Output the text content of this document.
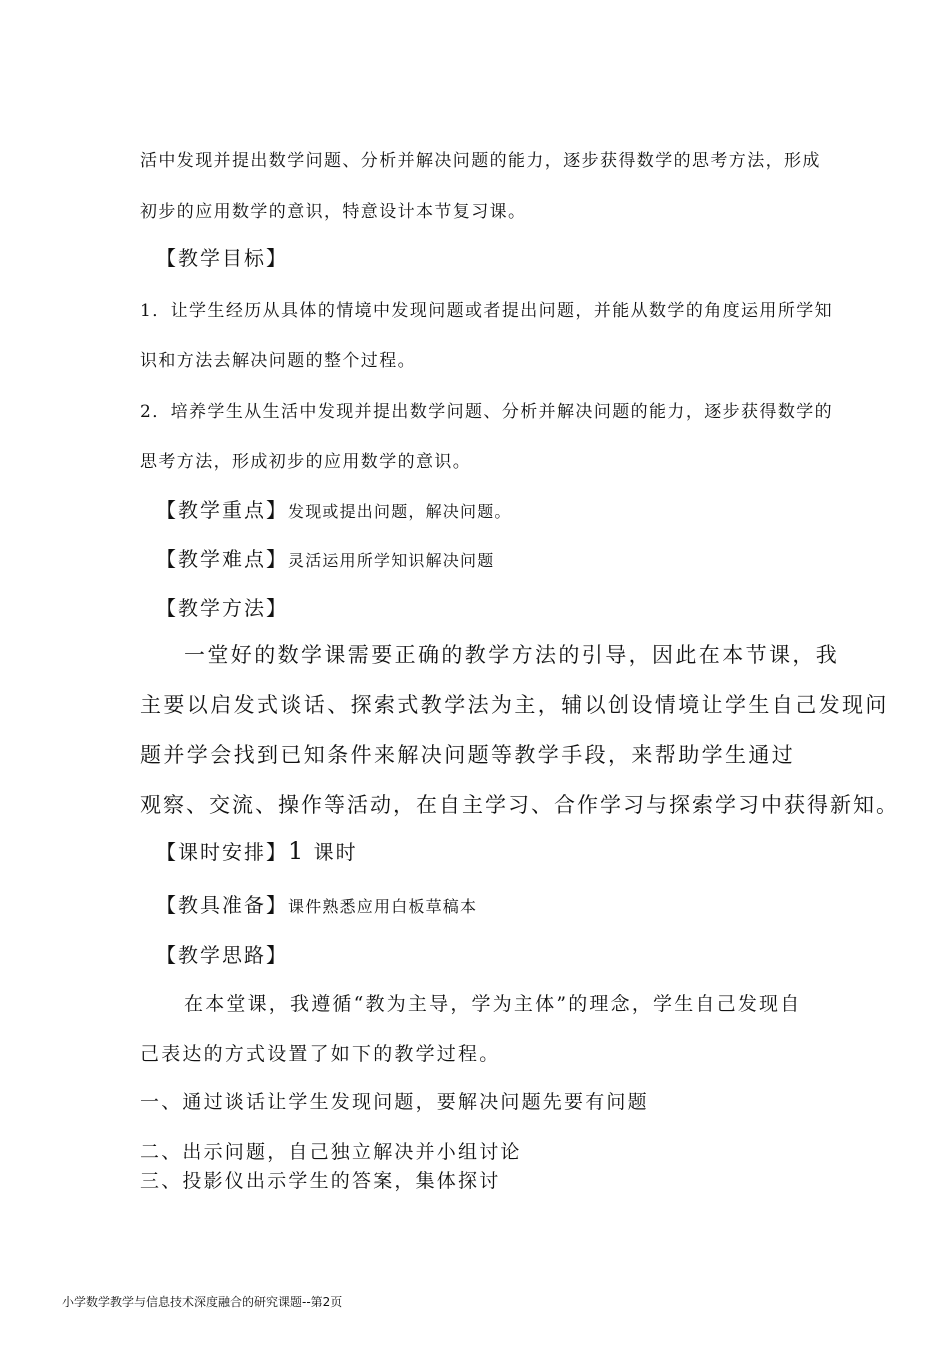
活中发现并提出数学问题、分析并解决问题的能力，逐步获得数学的思考方法，形成
初步的应用数学的意识，特意设计本节复习课。
【教学目标】
1．让学生经历从具体的情境中发现问题或者提出问题，并能从数学的角度运用所学知
识和方法去解决问题的整个过程。
2．培养学生从生活中发现并提出数学问题、分析并解决问题的能力，逐步获得数学的
思考方法，形成初步的应用数学的意识。
【教学重点】发现或提出问题，解决问题。
【教学难点】灵活运用所学知识解决问题
【教学方法】
一堂好的数学课需要正确的教学方法的引导，因此在本节课，我
主要以启发式谈话、探索式教学法为主，辅以创设情境让学生自己发现问
题并学会找到已知条件来解决问题等教学手段，来帮助学生通过
观察、交流、操作等活动，在自主学习、合作学习与探索学习中获得新知。
【课时安排】1 课时
【教具准备】课件熟悉应用白板草稿本
【教学思路】
在本堂课，我遵循“教为主导，学为主体”的理念，学生自己发现自
己表达的方式设置了如下的教学过程。
一、通过谈话让学生发现问题，要解决问题先要有问题
二、出示问题，自己独立解决并小组讨论
三、投影仪出示学生的答案，集体探讨
小学数学教学与信息技术深度融合的研究课题--第2页
